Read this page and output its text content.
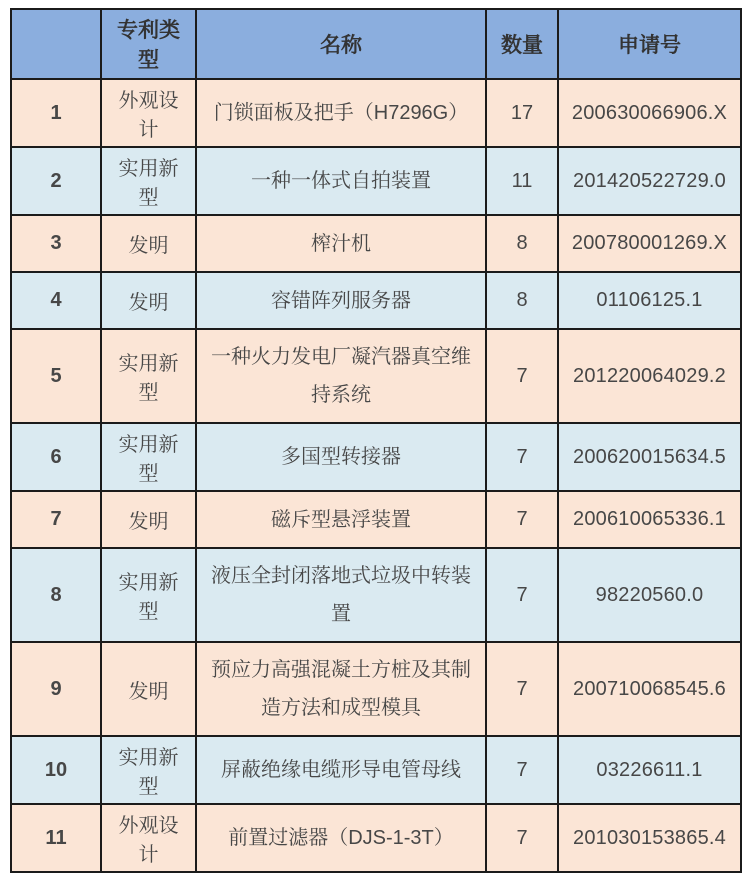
	专利类型	名称	数量	申请号
1	外观设计	门锁面板及把手（H7296G）	17	200630066906.X
2	实用新型	一种一体式自拍装置	11	201420522729.0
3	发明	榨汁机	8	200780001269.X
4	发明	容错阵列服务器	8	01106125.1
5	实用新型	一种火力发电厂凝汽器真空维持系统	7	201220064029.2
6	实用新型	多国型转接器	7	200620015634.5
7	发明	磁斥型悬浮装置	7	200610065336.1
8	实用新型	液压全封闭落地式垃圾中转装置	7	98220560.0
9	发明	预应力高强混凝土方桩及其制造方法和成型模具	7	200710068545.6
10	实用新型	屏蔽绝缘电缆形导电管母线	7	03226611.1
11	外观设计	前置过滤器（DJS-1-3T）	7	201030153865.4
